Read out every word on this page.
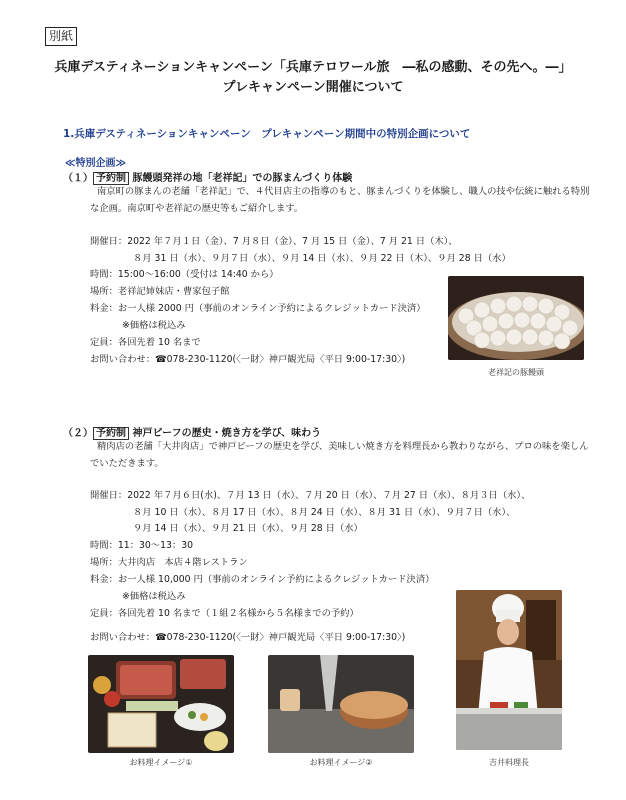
別紙
兵庫デスティネーションキャンペーン「兵庫テロワール旅　―私の感動、その先へ。―」
プレキャンペーン開催について
1.兵庫デスティネーションキャンペーン　プレキャンペーン期間中の特別企画について
≪特別企画≫
（１） 予約制 豚饅頭発祥の地「老祥記」での豚まんづくり体験
南京町の豚まんの老舗「老祥記」で、４代目店主の指導のもと、豚まんづくりを体験し、職人の技や伝統に触れる特別
な企画。南京町や老祥記の歴史等もご紹介します。
開催日：2022 年７月１日（金）、7 月８日（金）、7 月 15 日（金）、7 月 21 日（木）、
８月 31 日（水）、９月７日（水）、９月 14 日（水）、９月 22 日（木）、９月 28 日（水）
時間：15:00～16:00（受付は 14:40 から）
場所：老祥記姉妹店・曹家包子館
料金：お一人様 2000 円（事前のオンライン予約によるクレジットカード決済）
※価格は税込み
定員：各回先着 10 名まで
お問い合わせ：☎078-230-1120(〈一財〉神戸観光局〈平日 9:00-17:30〉)
老祥記の豚饅頭
（２） 予約制 神戸ビーフの歴史・焼き方を学び、味わう
精肉店の老舗「大井肉店」で神戸ビーフの歴史を学び、美味しい焼き方を料理長から教わりながら、プロの味を楽しん
でいただきます。
開催日：2022 年７月６日(水)、７月 13 日（水）、７月 20 日（水）、７月 27 日（水）、８月３日（水）、
８月 10 日（水）、８月 17 日（水）、８月 24 日（水）、８月 31 日（水）、９月７日（水）、
９月 14 日（水）、９月 21 日（水）、９月 28 日（水）
時間：11：30～13：30
場所：大井肉店　本店４階レストラン
料金：お一人様 10,000 円（事前のオンライン予約によるクレジットカード決済）
※価格は税込み
定員：各回先着 10 名まで（１組２名様から５名様までの予約）
お問い合わせ：☎078-230-1120(〈一財〉神戸観光局〈平日 9:00-17:30〉)
吉井料理長
お料理イメージ①	お料理イメージ②
